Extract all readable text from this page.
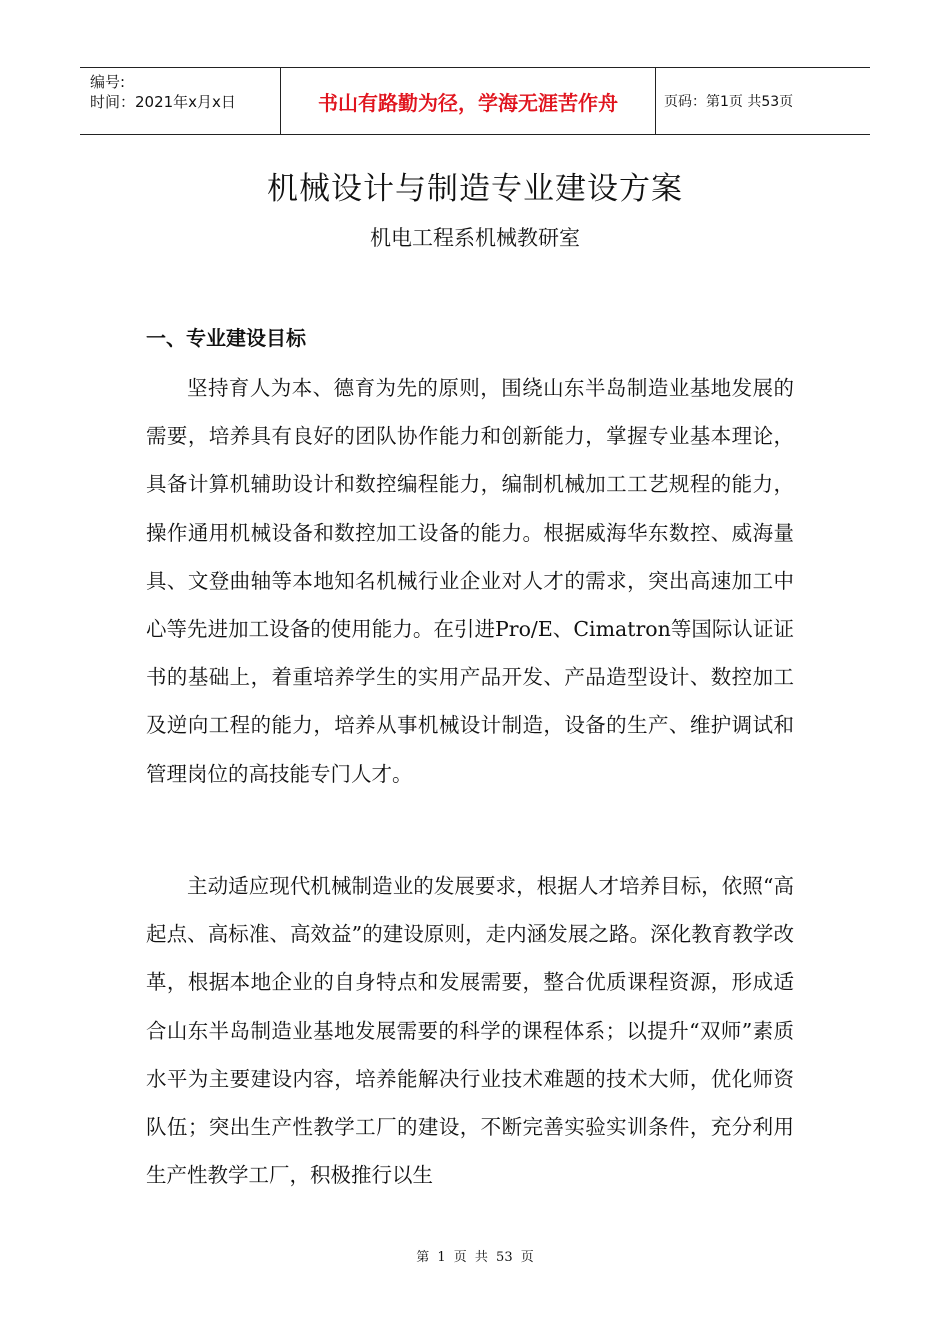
编号:
时间：2021年x月x日	书山有路勤为径，学海无涯苦作舟	页码：第1页 共53页
机械设计与制造专业建设方案
机电工程系机械教研室
一、专业建设目标

坚持育人为本、德育为先的原则，围绕山东半岛制造业基地发展的需要，培养具有良好的团队协作能力和创新能力，掌握专业基本理论，具备计算机辅助设计和数控编程能力，编制机械加工工艺规程的能力，操作通用机械设备和数控加工设备的能力。根据威海华东数控、威海量具、文登曲轴等本地知名机械行业企业对人才的需求，突出高速加工中心等先进加工设备的使用能力。在引进Pro/E、Cimatron等国际认证证书的基础上，着重培养学生的实用产品开发、产品造型设计、数控加工及逆向工程的能力，培养从事机械设计制造，设备的生产、维护调试和管理岗位的高技能专门人才。

主动适应现代机械制造业的发展要求，根据人才培养目标，依照“高起点、高标准、高效益”的建设原则，走内涵发展之路。深化教育教学改革，根据本地企业的自身特点和发展需要，整合优质课程资源，形成适合山东半岛制造业基地发展需要的科学的课程体系；以提升“双师”素质水平为主要建设内容，培养能解决行业技术难题的技术大师，优化师资队伍；突出生产性教学工厂的建设，不断完善实验实训条件，充分利用生产性教学工厂，积极推行以生

第 1 页 共 53 页
